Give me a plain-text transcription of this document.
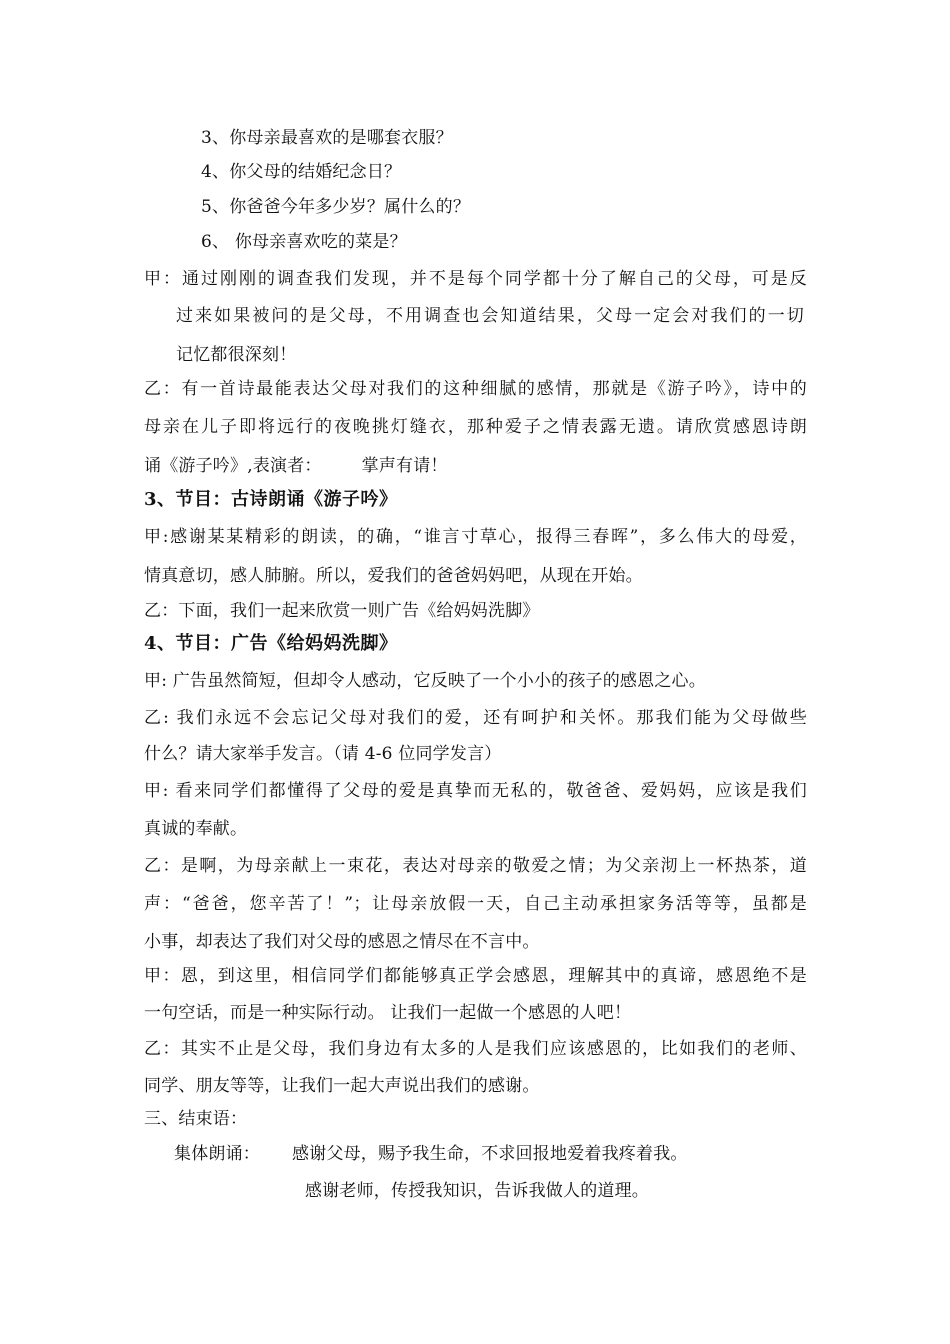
3、你母亲最喜欢的是哪套衣服？
4、你父母的结婚纪念日？
5、你爸爸今年多少岁？属什么的？
6、 你母亲喜欢吃的菜是？
甲：通过刚刚的调查我们发现，并不是每个同学都十分了解自己的父母，可是反
过来如果被问的是父母，不用调查也会知道结果，父母一定会对我们的一切
记忆都很深刻！
乙：有一首诗最能表达父母对我们的这种细腻的感情，那就是《游子吟》，诗中的
母亲在儿子即将远行的夜晚挑灯缝衣，那种爱子之情表露无遗。请欣赏感恩诗朗
诵《游子吟》,表演者： 掌声有请！
3、节目：古诗朗诵《游子吟》
甲:感谢某某精彩的朗读，的确，“谁言寸草心，报得三春晖”，多么伟大的母爱，
情真意切，感人肺腑。所以，爱我们的爸爸妈妈吧，从现在开始。
乙：下面，我们一起来欣赏一则广告《给妈妈洗脚》
4、节目：广告《给妈妈洗脚》
甲: 广告虽然简短，但却令人感动，它反映了一个小小的孩子的感恩之心。
乙: 我们永远不会忘记父母对我们的爱，还有呵护和关怀。那我们能为父母做些
什么？请大家举手发言。（请 4-6 位同学发言）
甲: 看来同学们都懂得了父母的爱是真挚而无私的，敬爸爸、爱妈妈，应该是我们
真诚的奉献。
乙：是啊，为母亲献上一束花，表达对母亲的敬爱之情；为父亲沏上一杯热茶，道
声：“爸爸，您辛苦了！”；让母亲放假一天，自己主动承担家务活等等，虽都是
小事，却表达了我们对父母的感恩之情尽在不言中。
甲：恩，到这里，相信同学们都能够真正学会感恩，理解其中的真谛，感恩绝不是
一句空话，而是一种实际行动。 让我们一起做一个感恩的人吧！
乙：其实不止是父母，我们身边有太多的人是我们应该感恩的，比如我们的老师、
同学、朋友等等，让我们一起大声说出我们的感谢。
三、结束语：
集体朗诵： 感谢父母，赐予我生命，不求回报地爱着我疼着我。
感谢老师，传授我知识，告诉我做人的道理。
